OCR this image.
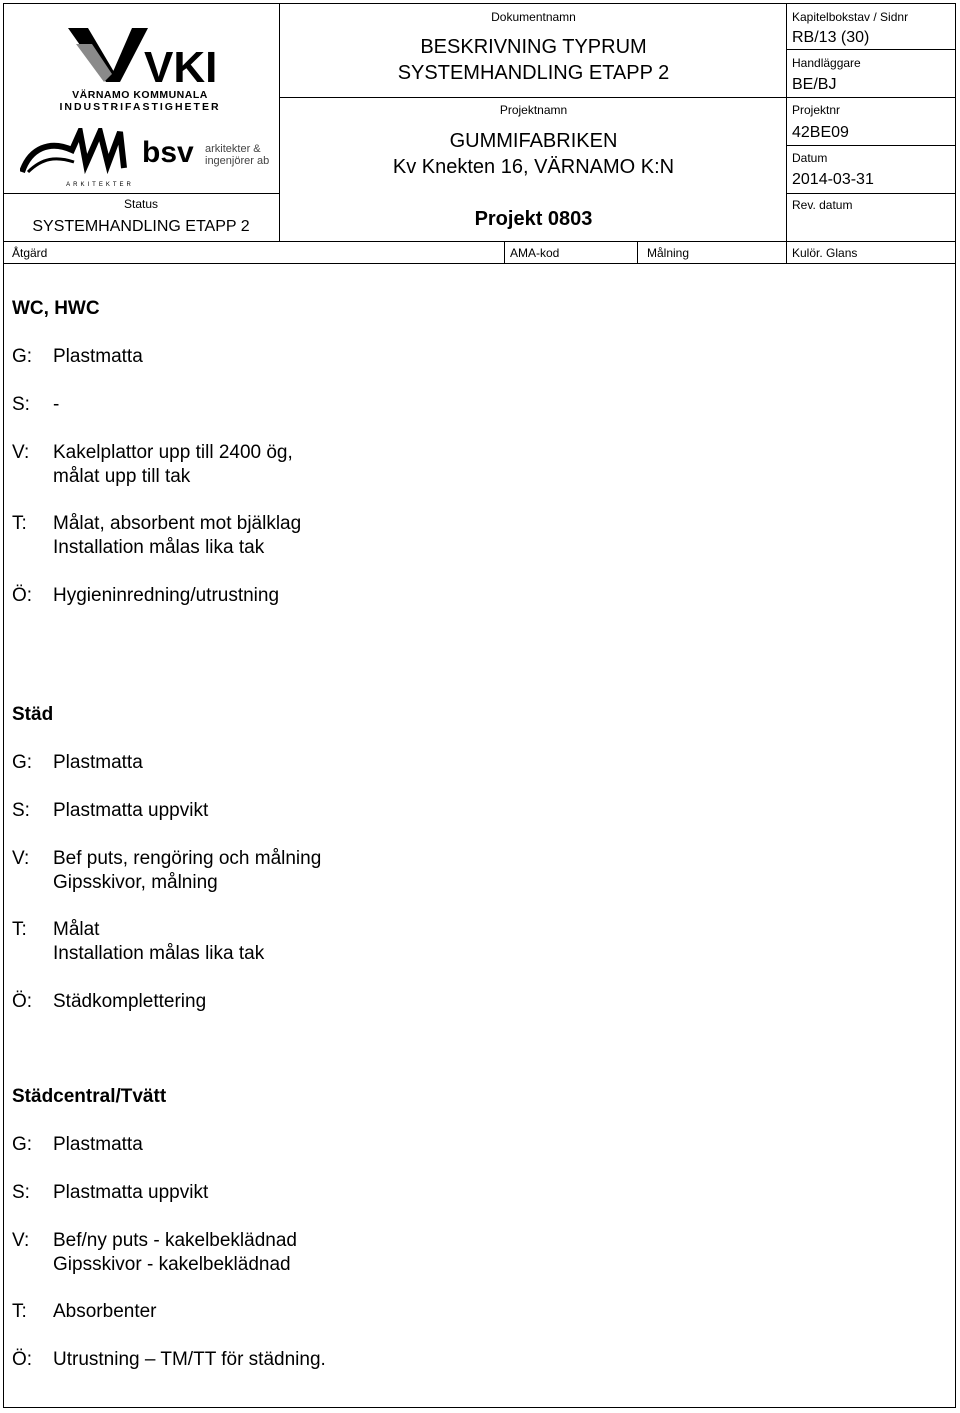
VKI
VÄRNAMO KOMMUNALA
INDUSTRIFASTIGHETER
ARKITEKTER
bsv arkitekter &
ingenjörer ab
Status
SYSTEMHANDLING ETAPP 2
Dokumentnamn
BESKRIVNING TYPRUM
SYSTEMHANDLING ETAPP 2
Projektnamn
GUMMIFABRIKEN
Kv Knekten 16, VÄRNAMO K:N
Projekt 0803
Kapitelbokstav / Sidnr
RB/13 (30)
Handläggare
BE/BJ
Projektnr
42BE09
Datum
2014-03-31
Rev. datum
Åtgärd	AMA-kod	Målning	Kulör. Glans
WC, HWC
G:	Plastmatta
S:	-
V:	Kakelplattor upp till 2400 ög,
målat upp till tak
T:	Målat, absorbent mot bjälklag
Installation målas lika tak
Ö:	Hygieninredning/utrustning
Städ
G:	Plastmatta
S:	Plastmatta uppvikt
V:	Bef puts, rengöring och målning
Gipsskivor, målning
T:	Målat
Installation målas lika tak
Ö:	Städkomplettering
Städcentral/Tvätt
G:	Plastmatta
S:	Plastmatta uppvikt
V:	Bef/ny puts - kakelbeklädnad
Gipsskivor - kakelbeklädnad
T:	Absorbenter
Ö:	Utrustning – TM/TT för städning.
